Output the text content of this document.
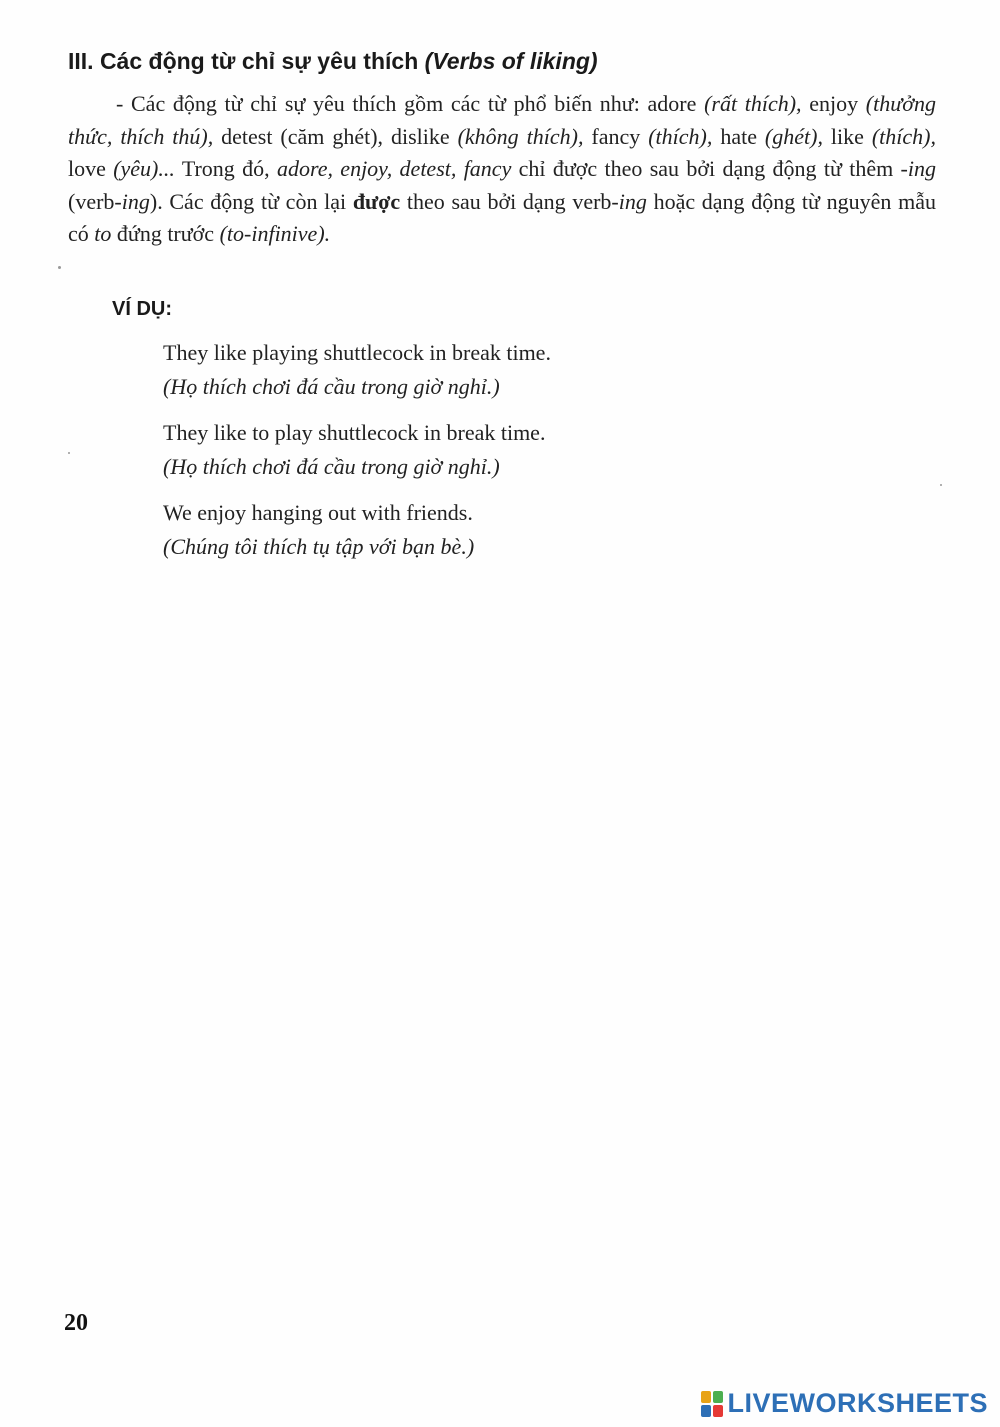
III. Các động từ chỉ sự yêu thích (Verbs of liking)
- Các động từ chỉ sự yêu thích gồm các từ phổ biến như: adore (rất thích), enjoy (thưởng thức, thích thú), detest (căm ghét), dislike (không thích), fancy (thích), hate (ghét), like (thích), love (yêu)... Trong đó, adore, enjoy, detest, fancy chỉ được theo sau bởi dạng động từ thêm -ing (verb-ing). Các động từ còn lại được theo sau bởi dạng verb-ing hoặc dạng động từ nguyên mẫu có to đứng trước (to-infinive).
VÍ DỤ:
They like playing shuttlecock in break time.
(Họ thích chơi đá cầu trong giờ nghỉ.)
They like to play shuttlecock in break time.
(Họ thích chơi đá cầu trong giờ nghỉ.)
We enjoy hanging out with friends.
(Chúng tôi thích tụ tập với bạn bè.)
20
LIVEWORKSHEETS
